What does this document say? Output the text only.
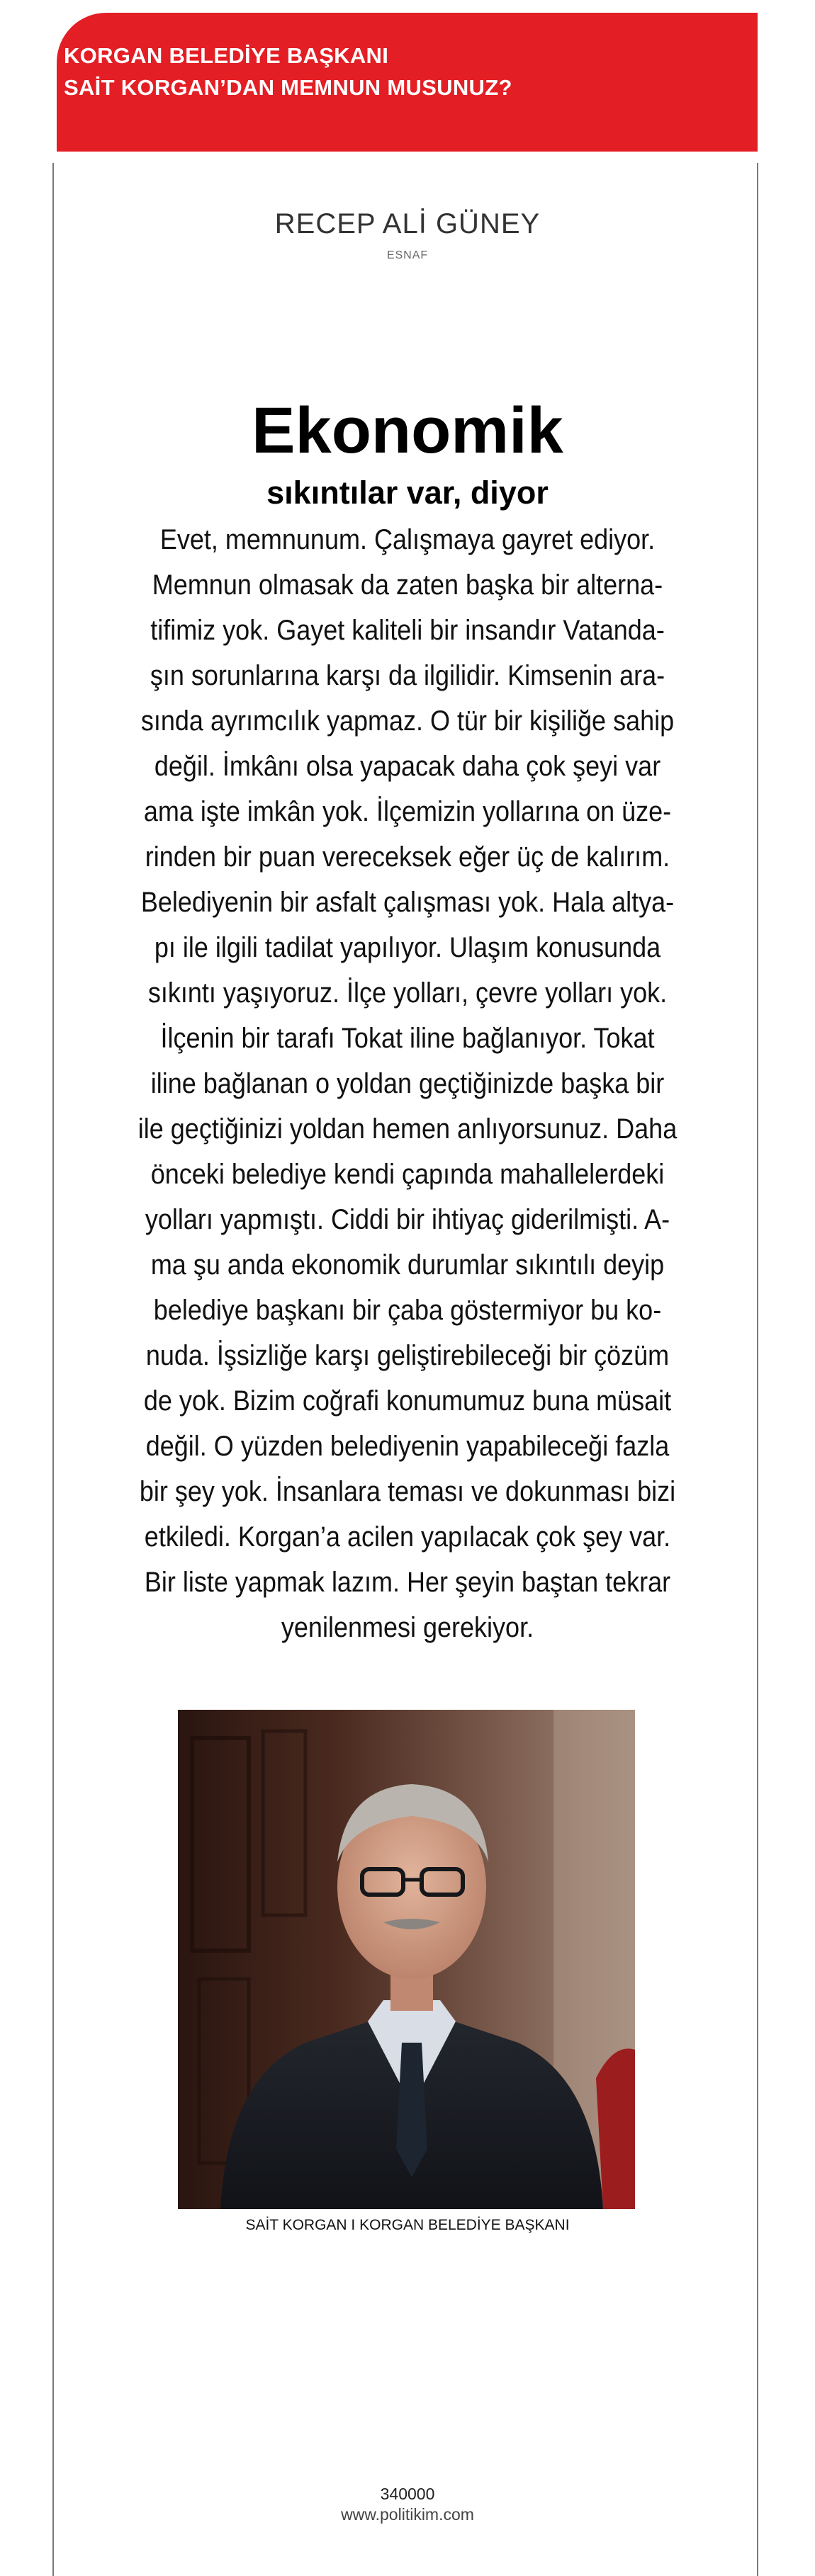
KORGAN BELEDİYE BAŞKANI
SAİT KORGAN’DAN MEMNUN MUSUNUZ?
RECEP ALİ GÜNEY
ESNAF
Ekonomik
sıkıntılar var, diyor
Evet, memnunum. Çalışmaya gayret ediyor.
Memnun olmasak da zaten başka bir alterna-
tifimiz yok. Gayet kaliteli bir insandır Vatanda-
şın sorunlarına karşı da ilgilidir. Kimsenin ara-
sında ayrımcılık yapmaz. O tür bir kişiliğe sahip
değil. İmkânı olsa yapacak daha çok şeyi var
ama işte imkân yok. İlçemizin yollarına on üze-
rinden bir puan vereceksek eğer üç de kalırım.
Belediyenin bir asfalt çalışması yok. Hala altya-
pı ile ilgili tadilat yapılıyor. Ulaşım konusunda
sıkıntı yaşıyoruz. İlçe yolları, çevre yolları yok.
İlçenin bir tarafı Tokat iline bağlanıyor. Tokat
iline bağlanan o yoldan geçtiğinizde başka bir
ile geçtiğinizi yoldan hemen anlıyorsunuz. Daha
önceki belediye kendi çapında mahallelerdeki
yolları yapmıştı. Ciddi bir ihtiyaç giderilmişti. A-
ma şu anda ekonomik durumlar sıkıntılı deyip
belediye başkanı bir çaba göstermiyor bu ko-
nuda. İşsizliğe karşı geliştirebileceği bir çözüm
de yok. Bizim coğrafi konumumuz buna müsait
değil. O yüzden belediyenin yapabileceği fazla
bir şey yok. İnsanlara teması ve dokunması bizi
etkiledi. Korgan’a acilen yapılacak çok şey var.
Bir liste yapmak lazım. Her şeyin baştan tekrar
yenilenmesi gerekiyor.
SAİT KORGAN I KORGAN BELEDİYE BAŞKANI
340000
www.politikim.com
